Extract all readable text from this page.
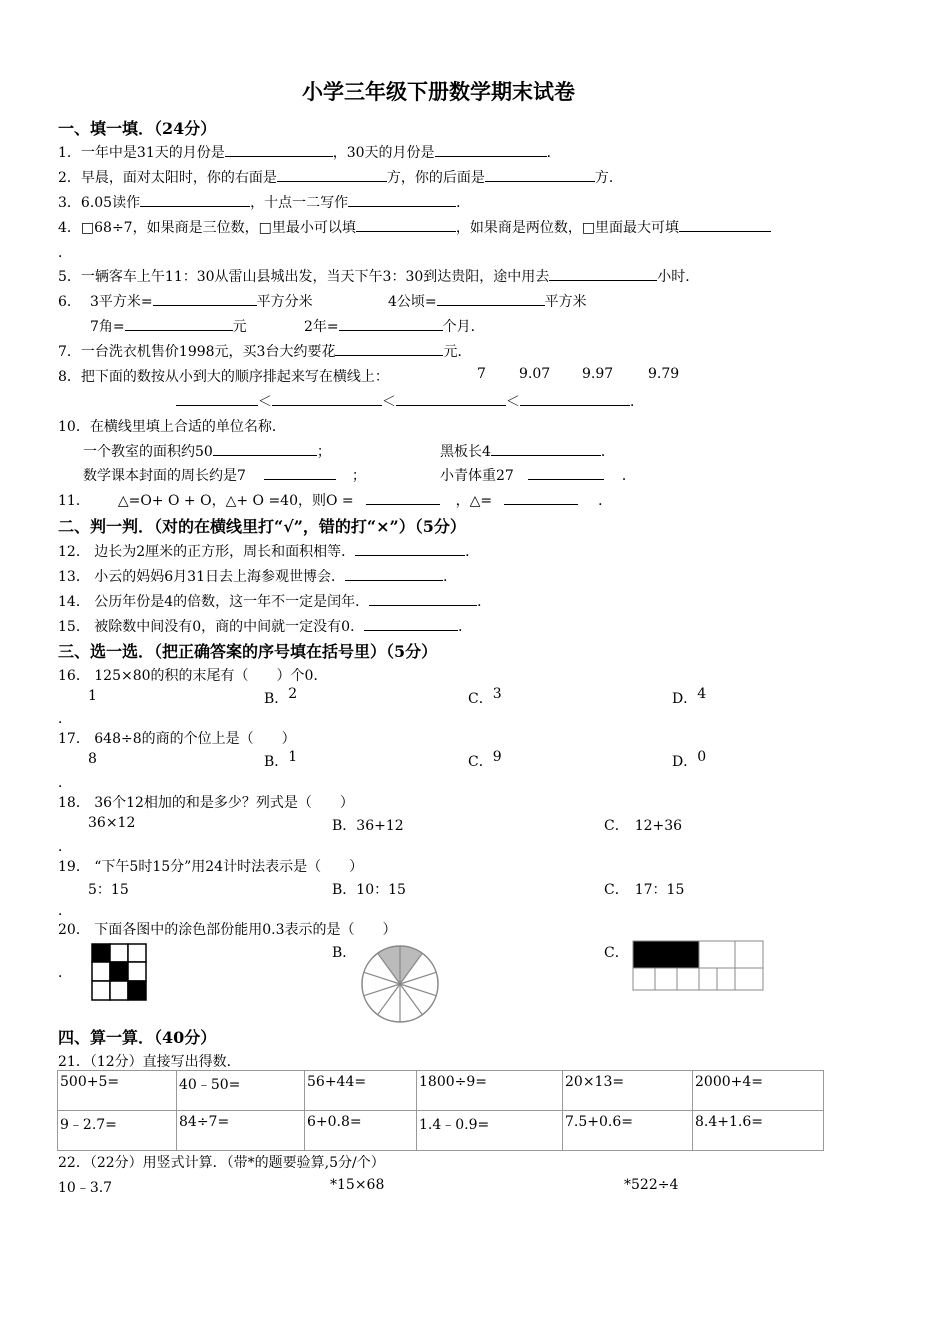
小学三年级下册数学期末试卷
一、填一填．（24分）
1．一年中是31天的月份是	，30天的月份是	．
2．早晨，面对太阳时，你的右面是	方，你的后面是	方．
3．6.05读作	，十点一二写作	．
4．□68÷7，如果商是三位数，□里最小可以填	，如果商是两位数，□里面最大可填
．
5．一辆客车上午11：30从雷山县城出发，当天下午3：30到达贵阳，途中用去	小时．
6． 3平方米=	平方分米	4公顷=	平方米
7角=	元	2年=	个月．
7．一台洗衣机售价1998元，买3台大约要花	元．
8．把下面的数按从小到大的顺序排起来写在横线上：	7 9.07 9.97 9.79
＜	＜	＜	．
10．在横线里填上合适的单位名称．
一个教室的面积约50	；	黑板长4	．
数学课本封面的周长约是7	；	小青体重27	．
11． △=O+ O + O，△+ O =40，则O =	，△=	．
二、判一判．（对的在横线里打“√”，错的打“×”）（5分）
12． 边长为2厘米的正方形，周长和面积相等．	．
13． 小云的妈妈6月31日去上海参观世博会．	．
14． 公历年份是4的倍数，这一年不一定是闰年．	．
15． 被除数中间没有0，商的中间就一定没有0．	．
三、选一选．（把正确答案的序号填在括号里）（5分）
16． 125×80的积的末尾有（　　）个0．
1	B．2	C．3	D．4
．
17． 648÷8的商的个位上是（　　）
8	B．1	C．9	D．0
．
18． 36个12相加的和是多少？列式是（　　）
36×12	B．36+12	C． 12+36
．
19． “下午5时15分”用24计时法表示是（　　）
5：15	B．10：15	C． 17：15
．
20． 下面各图中的涂色部份能用0.3表示的是（　　）
．
B．	C．
四、算一算．（40分）
21．（12分）直接写出得数．
500+5=	40﹣50=	56+44=	1800÷9=	20×13=	2000+4=
9﹣2.7=	84÷7=	6+0.8=	1.4﹣0.9=	7.5+0.6=	8.4+1.6=
22．（22分）用竖式计算．（带*的题要验算,5分/个）
10﹣3.7	*15×68	*522÷4
